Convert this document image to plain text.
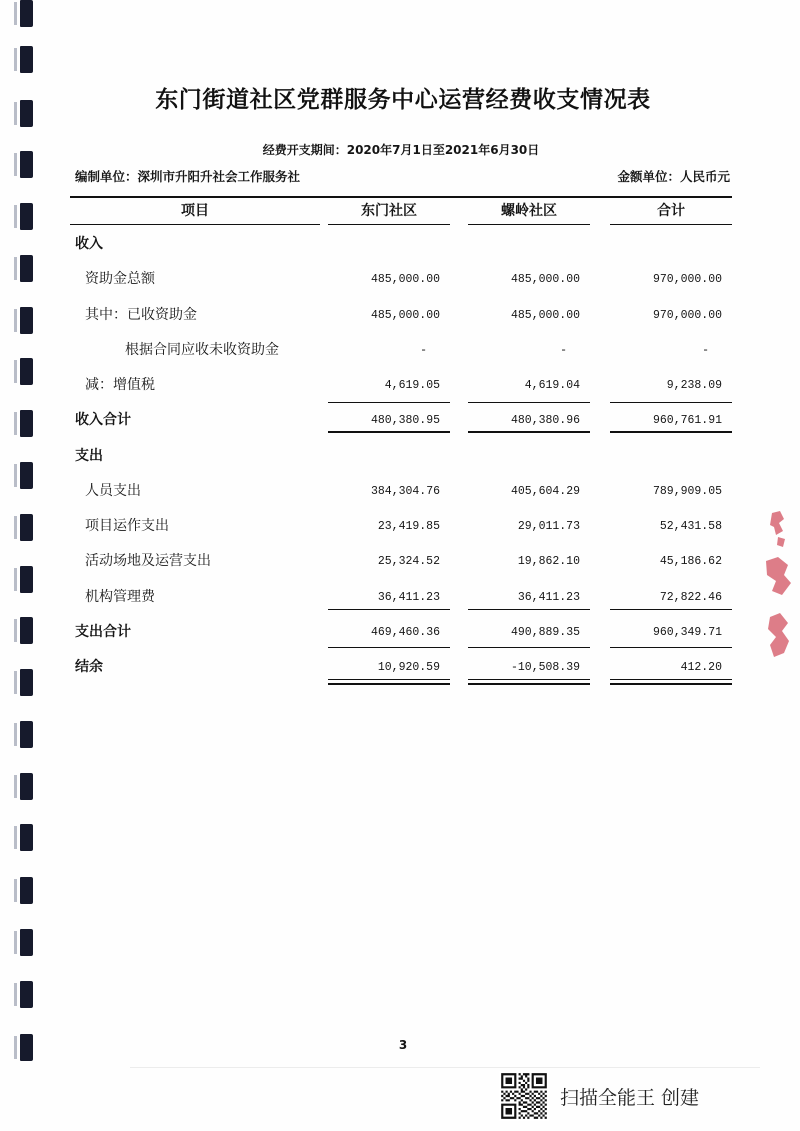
东门街道社区党群服务中心运营经费收支情况表
经费开支期间：2020年7月1日至2021年6月30日
编制单位：深圳市升阳升社会工作服务社	金额单位：人民币元
项目	东门社区	螺岭社区	合计
收入
资助金总额	485,000.00	485,000.00	970,000.00
其中：已收资助金	485,000.00	485,000.00	970,000.00
根据合同应收未收资助金	-	-	-
减：增值税	4,619.05	4,619.04	9,238.09
收入合计	480,380.95	480,380.96	960,761.91
支出
人员支出	384,304.76	405,604.29	789,909.05
项目运作支出	23,419.85	29,011.73	52,431.58
活动场地及运营支出	25,324.52	19,862.10	45,186.62
机构管理费	36,411.23	36,411.23	72,822.46
支出合计	469,460.36	490,889.35	960,349.71
结余	10,920.59	-10,508.39	412.20
3
扫描全能王 创建
